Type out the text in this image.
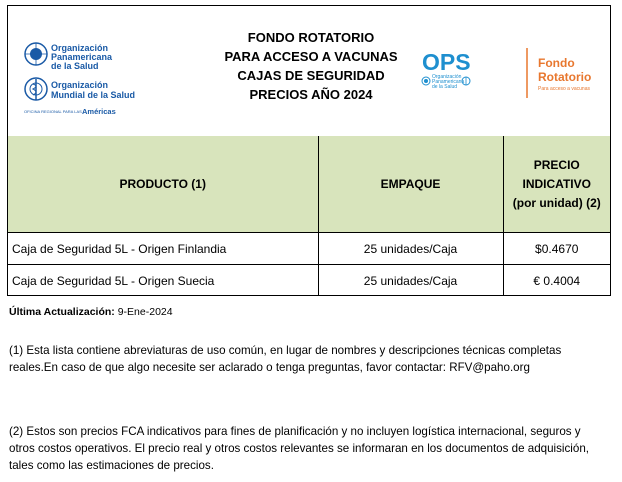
Organización
Panamericana
de la Salud
Organización
Mundial de la Salud
OFICINA REGIONAL PARA LAS Américas
FONDO ROTATORIO
PARA ACCESO A VACUNAS
CAJAS DE SEGURIDAD
PRECIOS AÑO 2024
OPS
Organización
Panamericana
de la Salud
Fondo
Rotatorio
Para acceso a vacunas
PRODUCTO (1)	EMPAQUE	PRECIO
INDICATIVO
(por unidad) (2)
Caja de Seguridad 5L - Origen Finlandia	25 unidades/Caja	$0.4670
Caja de Seguridad 5L - Origen Suecia	25 unidades/Caja	€ 0.4004
Última Actualización: 9-Ene-2024
(1) Esta lista contiene abreviaturas de uso común, en lugar de nombres y descripciones técnicas completas reales.En caso de que algo necesite ser aclarado o tenga preguntas, favor contactar: RFV@paho.org
(2) Estos son precios FCA indicativos para fines de planificación y no incluyen logística internacional, seguros y otros costos operativos. El precio real y otros costos relevantes se informaran en los documentos de adquisición, tales como las estimaciones de precios.
